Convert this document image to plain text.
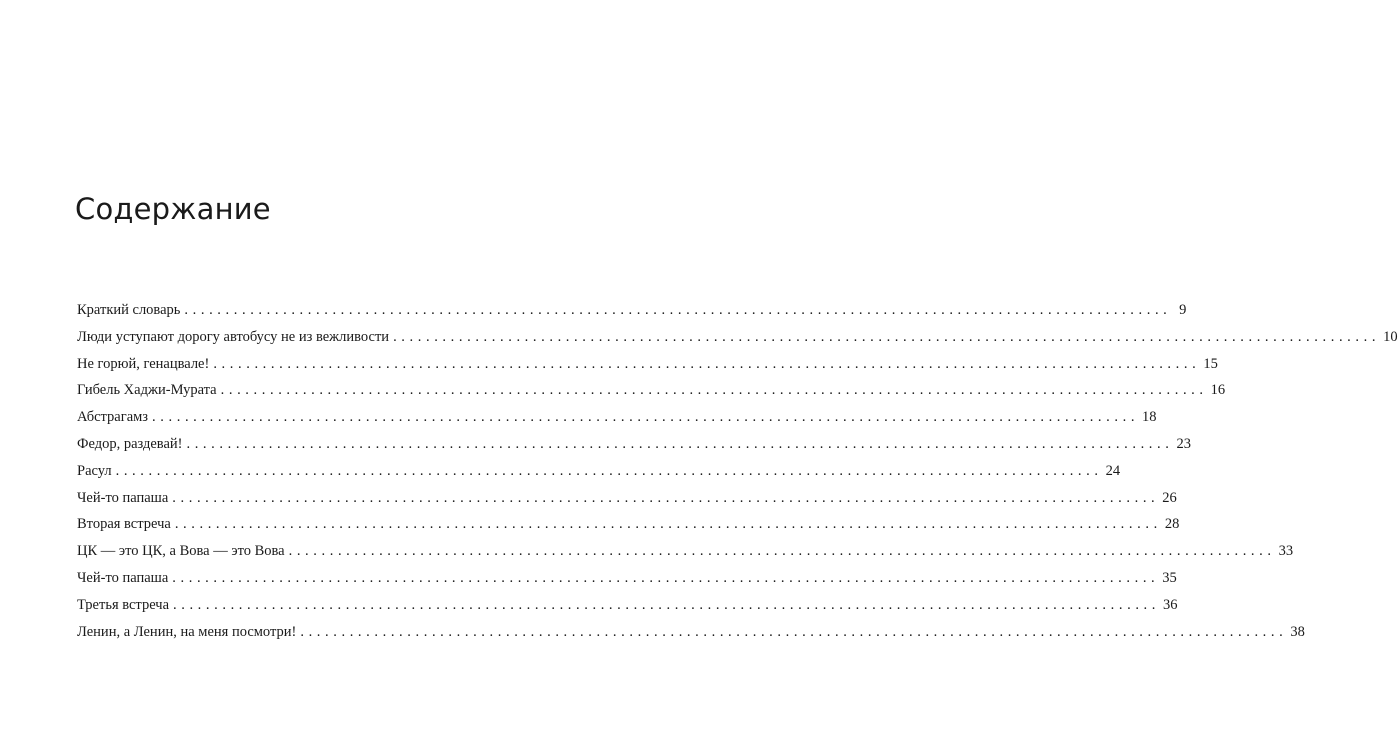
Содержание
Краткий словарь ........................................................................................................................ 9
Люди уступают дорогу автобусу не из вежливости ........................................................................................................................ 10
Не горюй, генацвале! ........................................................................................................................ 15
Гибель Хаджи-Мурата ........................................................................................................................ 16
Абстрагамз ........................................................................................................................ 18
Федор, раздевай! ........................................................................................................................ 23
Расул ........................................................................................................................ 24
Чей-то папаша ........................................................................................................................ 26
Вторая встреча ........................................................................................................................ 28
ЦК — это ЦК, а Вова — это Вова ........................................................................................................................ 33
Чей-то папаша ........................................................................................................................ 35
Третья встреча ........................................................................................................................ 36
Ленин, а Ленин, на меня посмотри! ........................................................................................................................ 38
